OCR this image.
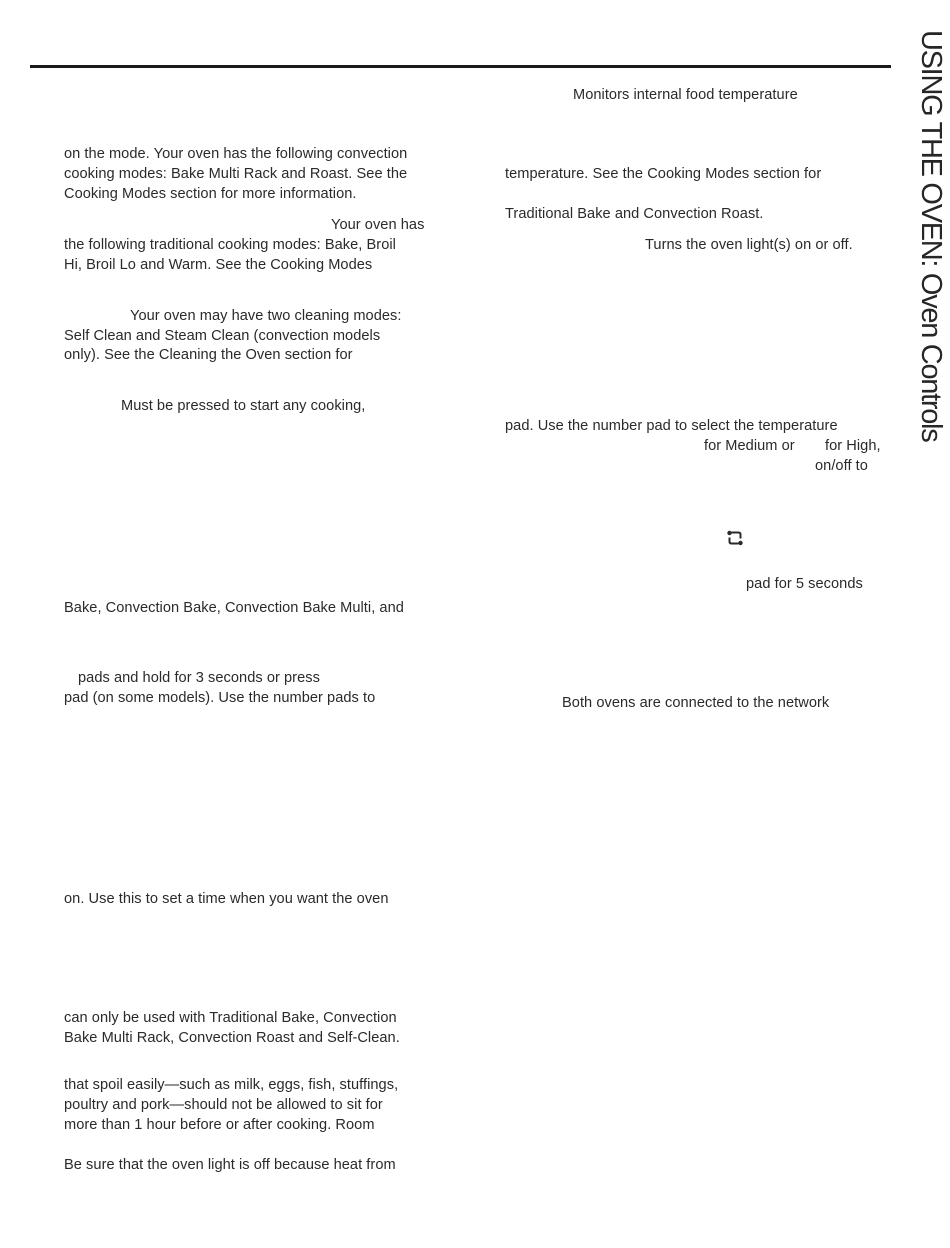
USING THE OVEN: Oven Controls
on the mode. Your oven has the following convection
cooking modes: Bake Multi Rack and Roast. See the
Cooking Modes section for more information.
Your oven has
the following traditional cooking modes: Bake, Broil
Hi, Broil Lo and Warm. See the Cooking Modes
Your oven may have two cleaning modes:
Self Clean and Steam Clean (convection models
only). See the Cleaning the Oven section for
Must be pressed to start any cooking,
Bake, Convection Bake, Convection Bake Multi, and
pads and hold for 3 seconds or press
pad (on some models). Use the number pads to
on. Use this to set a time when you want the oven
can only be used with Traditional Bake, Convection
Bake Multi Rack, Convection Roast and Self-Clean.
that spoil easily—such as milk, eggs, fish, stuffings,
poultry and pork—should not be allowed to sit for
more than 1 hour before or after cooking. Room
Be sure that the oven light is off because heat from
Monitors internal food temperature
temperature. See the Cooking Modes section for
Traditional Bake and Convection Roast.
Turns the oven light(s) on or off.
pad. Use the number pad to select the temperature
for Medium or for High,
on/off to
pad for 5 seconds
Both ovens are connected to the network
